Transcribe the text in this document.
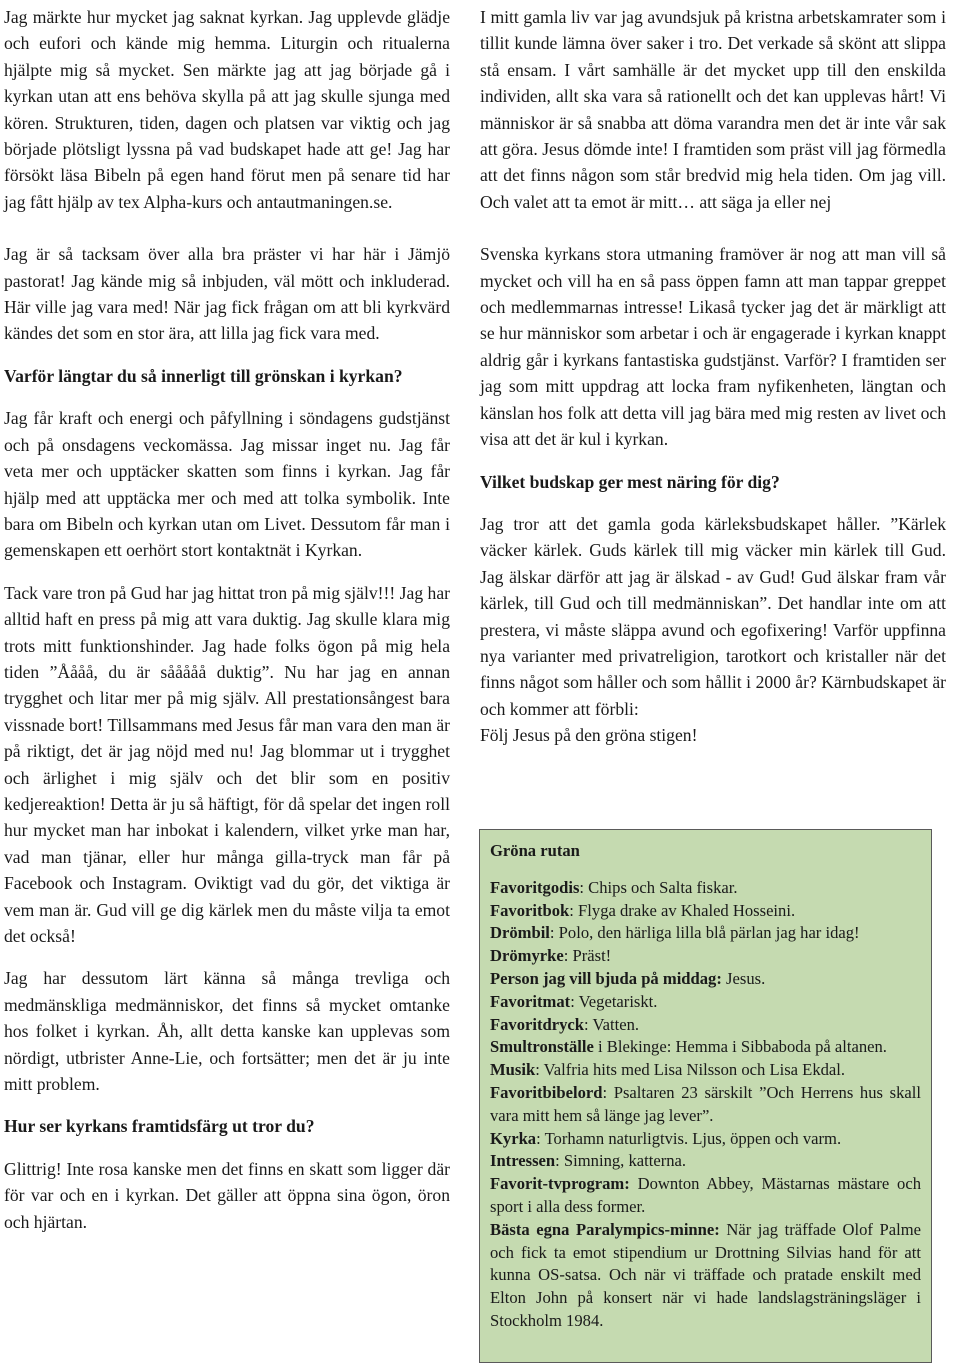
Jag märkte hur mycket jag saknat kyrkan. Jag upplevde glädje och eufori och kände mig hemma. Liturgin och ritualerna hjälpte mig så mycket. Sen märkte jag att jag började gå i kyrkan utan att ens behöva skylla på att jag skulle sjunga med kören. Strukturen, tiden, dagen och platsen var viktig och jag började plötsligt lyssna på vad budskapet hade att ge! Jag har försökt läsa Bibeln på egen hand förut men på senare tid har jag fått hjälp av tex Alpha-kurs och antautmaningen.se.

Jag är så tacksam över alla bra präster vi har här i Jämjö pastorat! Jag kände mig så inbjuden, väl mött och inkluderad. Här ville jag vara med! När jag fick frågan om att bli kyrkvärd kändes det som en stor ära, att lilla jag fick vara med.

Varför längtar du så innerligt till grönskan i kyrkan?

Jag får kraft och energi och påfyllning i söndagens gudstjänst och på onsdagens veckomässa. Jag missar inget nu. Jag får veta mer och upptäcker skatten som finns i kyrkan. Jag får hjälp med att upptäcka mer och med att tolka symbolik. Inte bara om Bibeln och kyrkan utan om Livet. Dessutom får man i gemenskapen ett oerhört stort kontaktnät i Kyrkan.

Tack vare tron på Gud har jag hittat tron på mig själv!!! Jag har alltid haft en press på mig att vara duktig. Jag skulle klara mig trots mitt funktionshinder. Jag hade folks ögon på mig hela tiden ”Åååå, du är sååååå duktig”. Nu har jag en annan trygghet och litar mer på mig själv. All prestationsångest bara vissnade bort! Tillsammans med Jesus får man vara den man är på riktigt, det är jag nöjd med nu! Jag blommar ut i trygghet och ärlighet i mig själv och det blir som en positiv kedjereaktion! Detta är ju så häftigt, för då spelar det ingen roll hur mycket man har inbokat i kalendern, vilket yrke man har, vad man tjänar, eller hur många gilla-tryck man får på Facebook och Instagram. Oviktigt vad du gör, det viktiga är vem man är. Gud vill ge dig kärlek men du måste vilja ta emot det också!

Jag har dessutom lärt känna så många trevliga och medmänskliga medmänniskor, det finns så mycket omtanke hos folket i kyrkan. Åh, allt detta kanske kan upplevas som nördigt, utbrister Anne-Lie, och fortsätter; men det är ju inte mitt problem.

Hur ser kyrkans framtidsfärg ut tror du?

Glittrig! Inte rosa kanske men det finns en skatt som ligger där för var och en i kyrkan. Det gäller att öppna sina ögon, öron och hjärtan.

I mitt gamla liv var jag avundsjuk på kristna arbetskamrater som i tillit kunde lämna över saker i tro. Det verkade så skönt att slippa stå ensam. I vårt samhälle är det mycket upp till den enskilda individen, allt ska vara så rationellt och det kan upplevas hårt! Vi människor är så snabba att döma varandra men det är inte vår sak att göra. Jesus dömde inte! I framtiden som präst vill jag förmedla att det finns någon som står bredvid mig hela tiden. Om jag vill. Och valet att ta emot är mitt… att säga ja eller nej

Svenska kyrkans stora utmaning framöver är nog att man vill så mycket och vill ha en så pass öppen famn att man tappar greppet och medlemmarnas intresse! Likaså tycker jag det är märkligt att se hur människor som arbetar i och är engagerade i kyrkan knappt aldrig går i kyrkans fantastiska gudstjänst. Varför? I framtiden ser jag som mitt uppdrag att locka fram nyfikenheten, längtan och känslan hos folk att detta vill jag bära med mig resten av livet och visa att det är kul i kyrkan.

Vilket budskap ger mest näring för dig?

Jag tror att det gamla goda kärleksbudskapet håller. ”Kärlek väcker kärlek. Guds kärlek till mig väcker min kärlek till Gud. Jag älskar därför att jag är älskad - av Gud! Gud älskar fram vår kärlek, till Gud och till medmänniskan”. Det handlar inte om att prestera, vi måste släppa avund och egofixering! Varför uppfinna nya varianter med privatreligion, tarotkort och kristaller när det finns något som håller och som hållit i 2000 år? Kärnbudskapet är och kommer att förbli:

Följ Jesus på den gröna stigen!

Gröna rutan

Favoritgodis: Chips och Salta fiskar.

Favoritbok: Flyga drake av Khaled Hosseini.

Drömbil: Polo, den härliga lilla blå pärlan jag har idag!

Drömyrke: Präst!

Person jag vill bjuda på middag: Jesus.

Favoritmat: Vegetariskt.

Favoritdryck: Vatten.

Smultronställe i Blekinge: Hemma i Sibbaboda på altanen.

Musik: Valfria hits med Lisa Nilsson och Lisa Ekdal.

Favoritbibelord: Psaltaren 23 särskilt ”Och Herrens hus skall vara mitt hem så länge jag lever”.

Kyrka: Torhamn naturligtvis. Ljus, öppen och varm.

Intressen: Simning, katterna.

Favorit-tvprogram: Downton Abbey, Mästarnas mästare och sport i alla dess former.

Bästa egna Paralympics-minne: När jag träffade Olof Palme och fick ta emot stipendium ur Drottning Silvias hand för att kunna OS-satsa. Och när vi träffade och pratade enskilt med Elton John på konsert när vi hade landslagsträningsläger i Stockholm 1984.
